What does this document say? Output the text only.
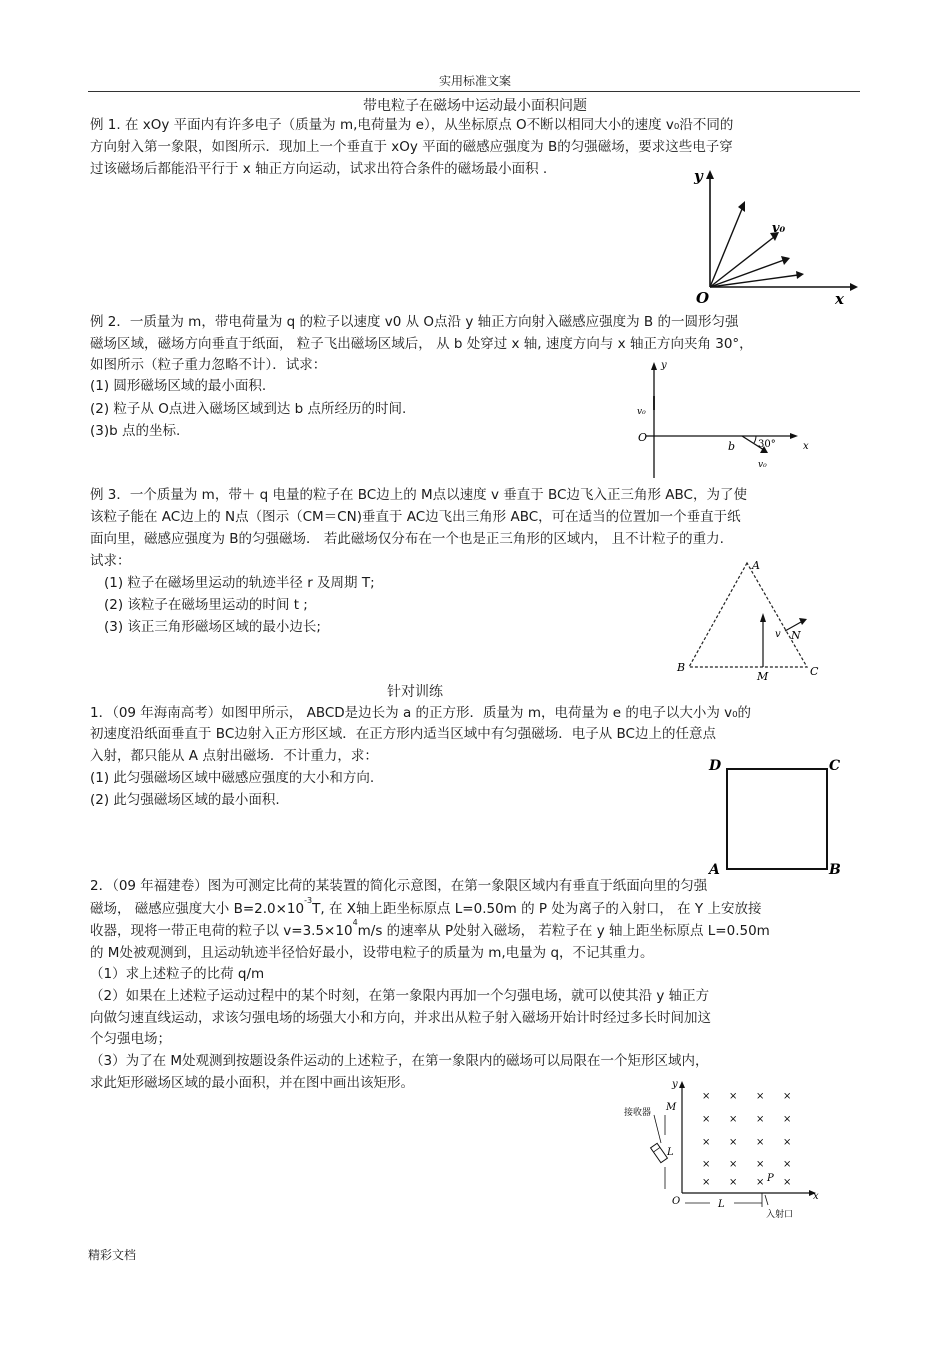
实用标准文案
带电粒子在磁场中运动最小面积问题
例 1. 在 xOy 平面内有许多电子（质量为 m,电荷量为 e），从坐标原点 O不断以相同大小的速度 v₀沿不同的
方向射入第一象限，如图所示．现加上一个垂直于 xOy 平面的磁感应强度为 B的匀强磁场，要求这些电子穿
过该磁场后都能沿平行于 x 轴正方向运动，试求出符合条件的磁场最小面积 .	y
x
O
v₀
例 2．一质量为 m，带电荷量为 q 的粒子以速度 v0 从 O点沿 y 轴正方向射入磁感应强度为 B 的一圆形匀强
磁场区域，磁场方向垂直于纸面， 粒子飞出磁场区域后， 从 b 处穿过 x 轴, 速度方向与 x 轴正方向夹角 30°，
如图所示（粒子重力忽略不计）．试求：
(1) 圆形磁场区域的最小面积.
(2) 粒子从 O点进入磁场区域到达 b 点所经历的时间.
(3)b 点的坐标.
y
x
O
v₀
b 30°
v₀
例 3．一个质量为 m，带＋ q 电量的粒子在 BC边上的 M点以速度 v 垂直于 BC边飞入正三角形 ABC，为了使
该粒子能在 AC边上的 N点（图示（CM＝CN)垂直于 AC边飞出三角形 ABC，可在适当的位置加一个垂直于纸
面向里，磁感应强度为 B的匀强磁场． 若此磁场仅分布在一个也是正三角形的区域内， 且不计粒子的重力.
试求：
(1) 粒子在磁场里运动的轨迹半径 r 及周期 T;
(2) 该粒子在磁场里运动的时间 t ;
(3) 该正三角形磁场区域的最小边长;
A
B	C
M
N
v
针对训练
1．（09 年海南高考）如图甲所示， ABCD是边长为 a 的正方形．质量为 m，电荷量为 e 的电子以大小为 v₀的
初速度沿纸面垂直于 BC边射入正方形区域．在正方形内适当区域中有匀强磁场．电子从 BC边上的任意点
入射，都只能从 A 点射出磁场．不计重力，求：
(1) 此匀强磁场区域中磁感应强度的大小和方向.
(2) 此匀强磁场区域的最小面积.
D	C
A	B
2．（09 年福建卷）图为可测定比荷的某装置的简化示意图，在第一象限区域内有垂直于纸面向里的匀强
磁场， 磁感应强度大小 $B=2.0\times 10^{-3}T$, 在 X轴上距坐标原点 L=0.50m 的 P 处为离子的入射口， 在 Y 上安放接
收器，现将一带正电荷的粒子以 $v=3.5\times 10^4m/s$ 的速率从 P处射入磁场， 若粒子在 y 轴上距坐标原点 L=0.50m
的 M处被观测到，且运动轨迹半径恰好最小，设带电粒子的质量为 m,电量为 q，不记其重力。
（1）求上述粒子的比荷 q/m
（2）如果在上述粒子运动过程中的某个时刻，在第一象限内再加一个匀强电场，就可以使其沿 y 轴正方
向做匀速直线运动，求该匀强电场的场强大小和方向，并求出从粒子射入磁场开始计时经过多长时间加这
个匀强电场；
（3）为了在 M处观测到按题设条件运动的上述粒子，在第一象限内的磁场可以局限在一个矩形区域内，
求此矩形磁场区域的最小面积，并在图中画出该矩形。
× × × ×
× × × ×
× × × ×
× × × ×
× × × ×
y
x
O
M
P
L
L
接收器
入射口
精彩文档
